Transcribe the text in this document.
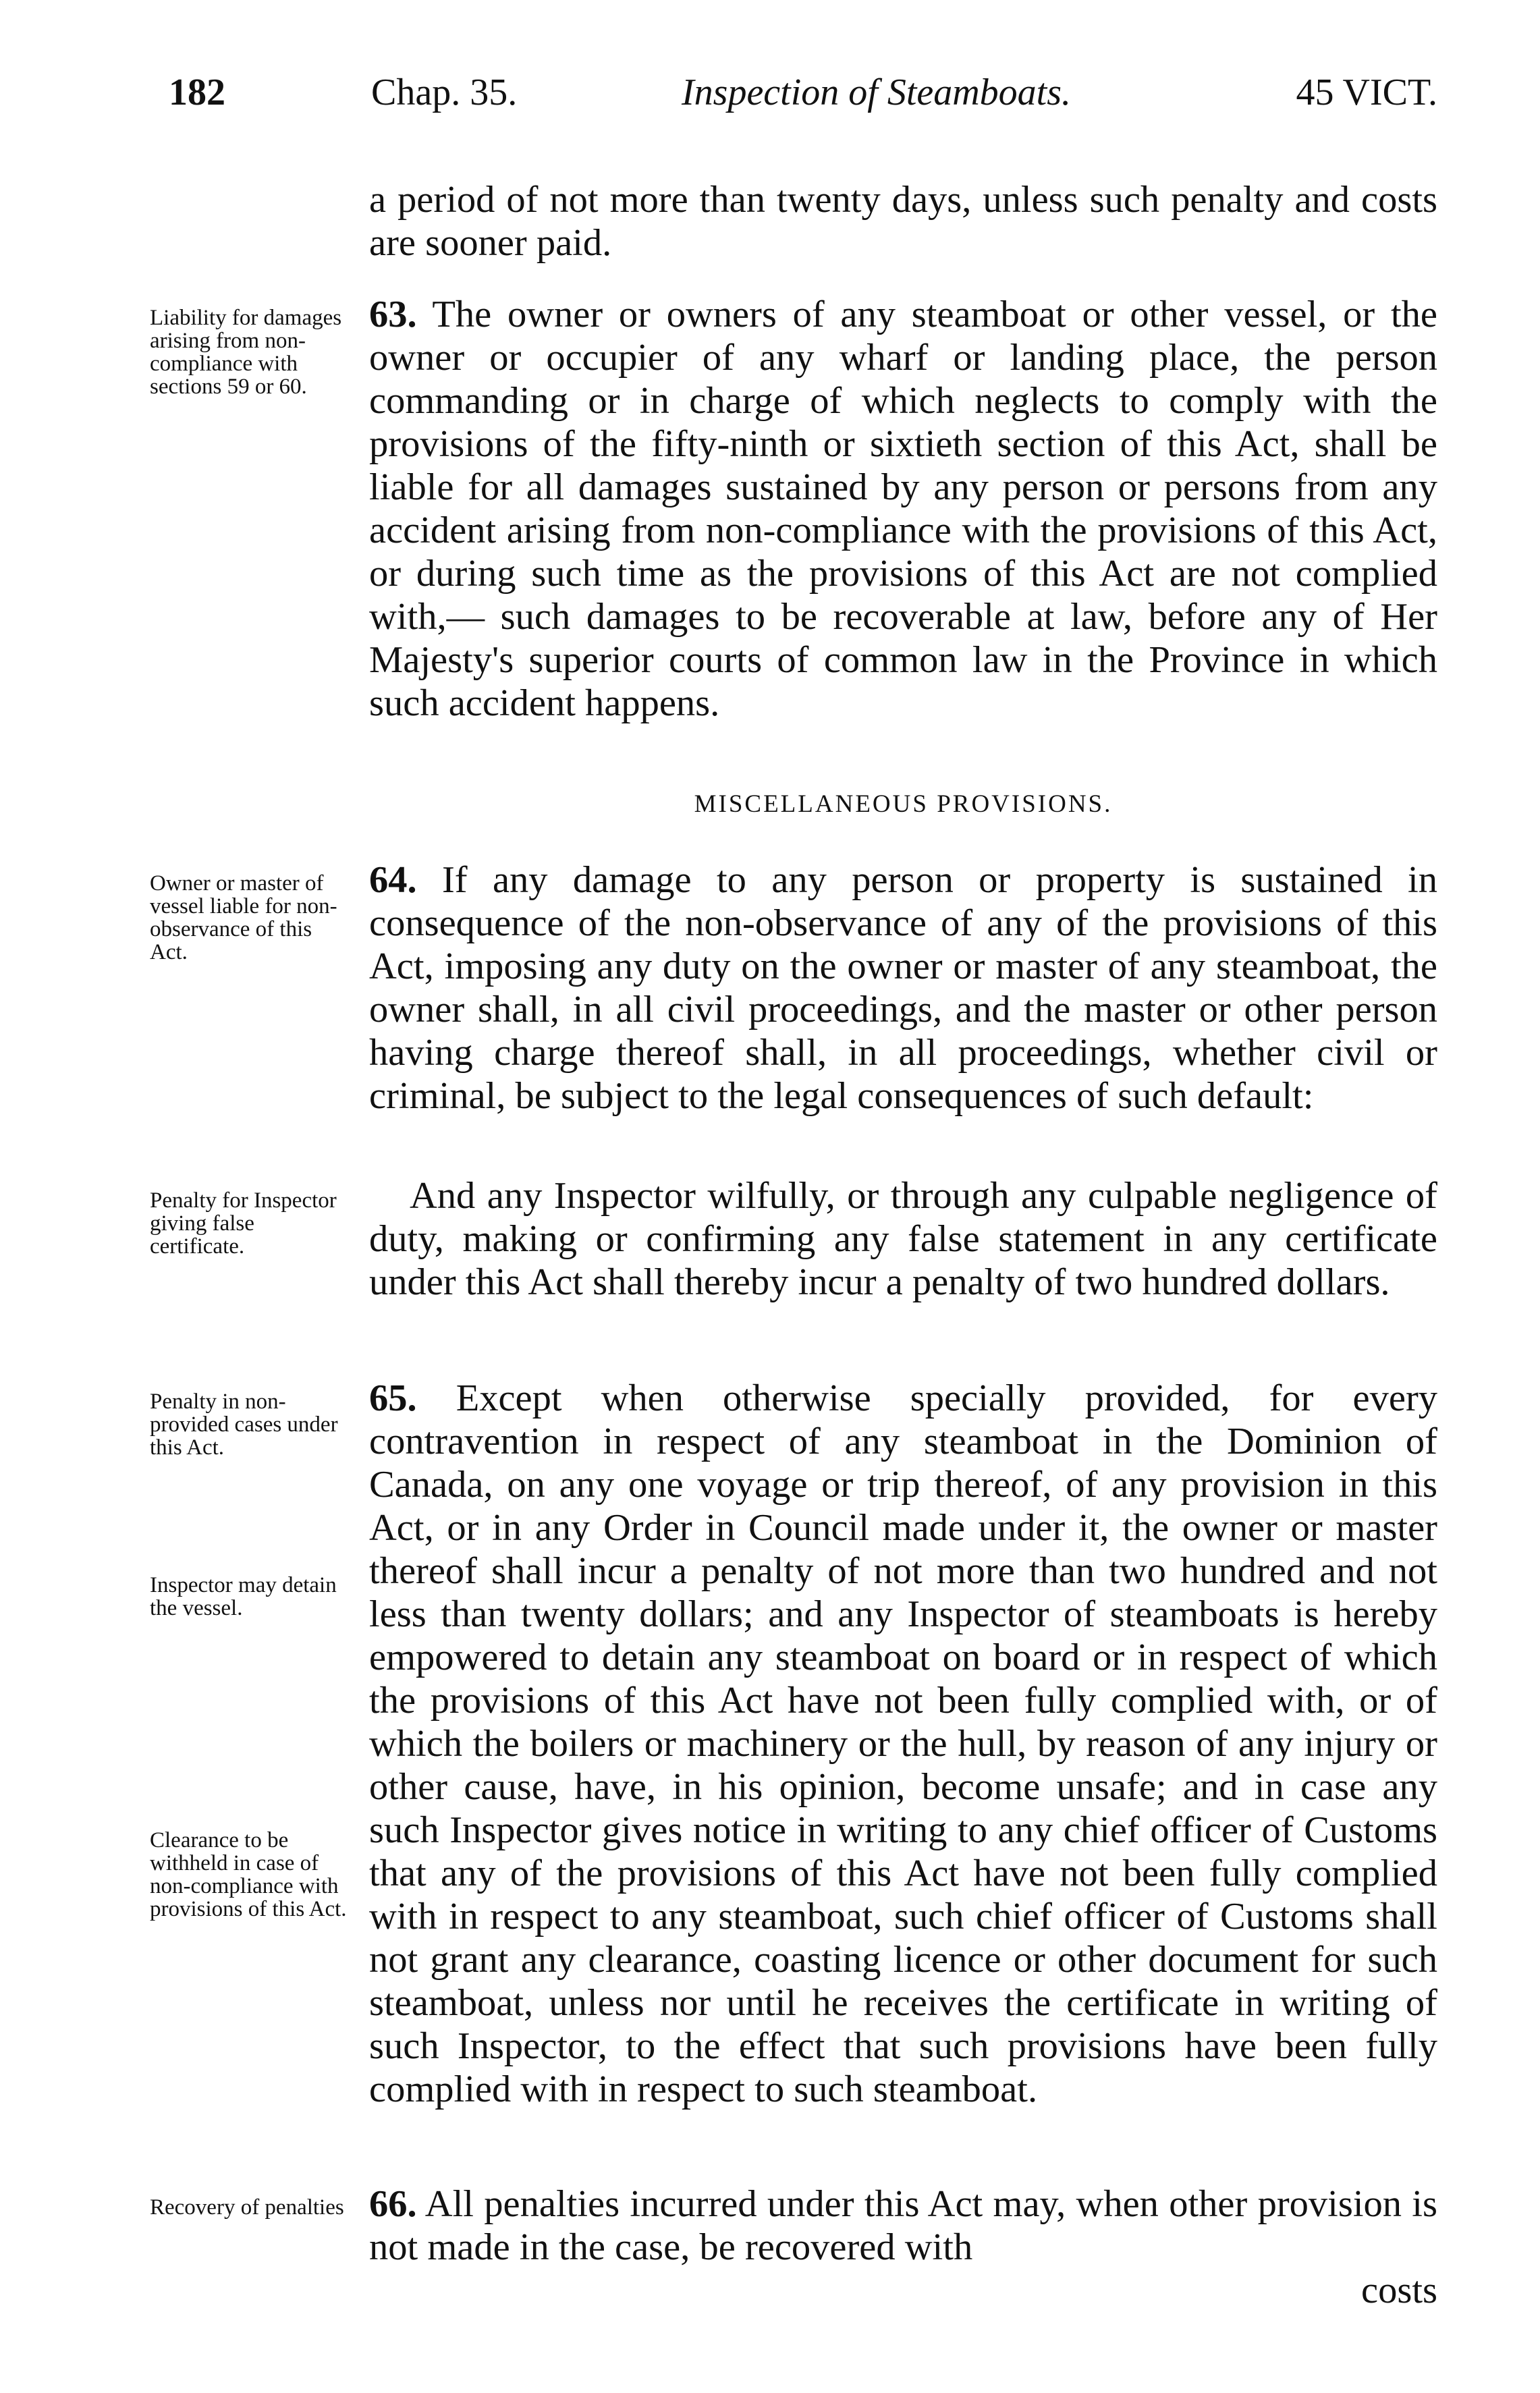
182	Chap. 35.	Inspection of Steamboats.	45 VICT.

a period of not more than twenty days, unless such penalty and costs are sooner paid.

Liability for damages arising from non-compliance with sections 59 or 60.

63. The owner or owners of any steamboat or other vessel, or the owner or occupier of any wharf or landing place, the person commanding or in charge of which neglects to comply with the provisions of the fifty-ninth or sixtieth section of this Act, shall be liable for all damages sustained by any person or persons from any accident arising from non-compliance with the provisions of this Act, or during such time as the provisions of this Act are not complied with,— such damages to be recoverable at law, before any of Her Majesty's superior courts of common law in the Province in which such accident happens.

MISCELLANEOUS PROVISIONS.
Owner or master of vessel liable for non-observance of this Act.

64. If any damage to any person or property is sustained in consequence of the non-observance of any of the provisions of this Act, imposing any duty on the owner or master of any steamboat, the owner shall, in all civil proceedings, and the master or other person having charge thereof shall, in all proceedings, whether civil or criminal, be subject to the legal consequences of such default:

Penalty for Inspector giving false certificate.

And any Inspector wilfully, or through any culpable negligence of duty, making or confirming any false statement in any certificate under this Act shall thereby incur a penalty of two hundred dollars.

Penalty in non-provided cases under this Act.
Inspector may detain the vessel.
Clearance to be withheld in case of non-compliance with provisions of this Act.

65. Except when otherwise specially provided, for every contravention in respect of any steamboat in the Dominion of Canada, on any one voyage or trip thereof, of any provision in this Act, or in any Order in Council made under it, the owner or master thereof shall incur a penalty of not more than two hundred and not less than twenty dollars; and any Inspector of steamboats is hereby empowered to detain any steamboat on board or in respect of which the provisions of this Act have not been fully complied with, or of which the boilers or machinery or the hull, by reason of any injury or other cause, have, in his opinion, become unsafe; and in case any such Inspector gives notice in writing to any chief officer of Customs that any of the provisions of this Act have not been fully complied with in respect to any steamboat, such chief officer of Customs shall not grant any clearance, coasting licence or other document for such steamboat, unless nor until he receives the certificate in writing of such Inspector, to the effect that such provisions have been fully complied with in respect to such steamboat.

Recovery of penalties 66. All penalties incurred under this Act may, when other provision is not made in the case, be recovered with

costs
